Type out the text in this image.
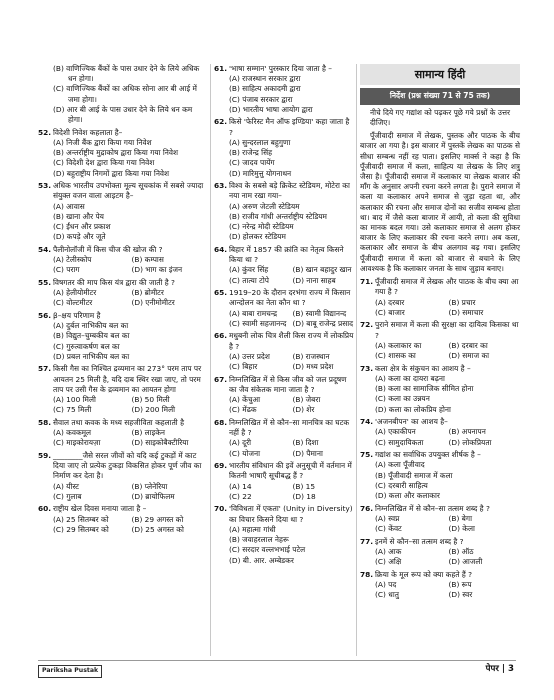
(B) वाणिज्यिक बैंकों के पास उधार देने के लिये अधिक धन होगा।
(C) वाणिज्यिक बैंकों का अधिक सोना आर बी आई में जमा होगा।
(D) आर बी आई के पास उधार देने के लिये धन कम होगा।
52. विदेशी निवेश कहलाता है–
(A) निजी बैंक द्वारा किया गया निवेश
(B) अन्तर्राष्ट्रीय मुद्राकोष द्वारा किया गया निवेश
(C) विदेशी देश द्वारा किया गया निवेश
(D) बहुराष्ट्रीय निगमों द्वारा किया गया निवेश
53. अधिक भारतीय उपभोक्ता मूल्य सूचकांक में सबसे ज्यादा संयुक्त वजन वाला आइटम है–
(A) आवास
(B) खाना और पेय
(C) ईंधन और प्रकाश
(D) कपड़े और जूते
54. पैलीनोलॉजी में किस चीज की खोज की ?
(A) टेलीस्कोप	(B) कम्पास
(C) पराग	(D) भाग का इंजन
55. विषगतर की माप किस यंत्र द्वारा की जाती है ?
(A) हेलीयोमीटर	(B) ब्रोमीटर
(C) वोल्टमीटर	(D) एनीमोमीटर
56. β–क्षय परिणाम है
(A) दुर्बल नाभिकीय बल का
(B) विद्युत–चुम्बकीय बल का
(C) गुरुत्वाकर्षण बल का
(D) प्रबल नाभिकीय बल का
57. किसी गैस का निश्चित द्रव्यमान का 273° परम ताप पर आयतन 25 मिली है, यदि दाब स्थिर रखा जाए, तो परम ताप पर उसी गैस के द्रव्यमान का आयतन होगा
(A) 100 मिली	(B) 50 मिली
(C) 75 मिली	(D) 200 मिली
58. सैवाल तथा कवक के मध्य सहजीविता कहलाती है
(A) कवकमूल	(B) लाइकेन
(C) माइकोरायज़ा	(D) साइकोबैक्टीरिया
59. ________जैसे सरल जीवों को यदि कई टुकड़ों में काट दिया जाए तो प्रत्येक टुकड़ा विकसित होकर पूर्ण जीव का निर्माण कर देता है।
(A) यीस्ट	(B) प्लेनेरिया
(C) गुलाब	(D) ब्रायोफिलम
60. राष्ट्रीय खेल दिवस मनाया जाता है –
(A) 25 सितम्बर को	(B) 29 अगस्त को
(C) 29 सितम्बर को	(D) 25 अगस्त को
61. 'भाषा सम्मान' पुरस्कार दिया जाता है –
(A) राजस्थान सरकार द्वारा
(B) साहित्य अकादमी द्वारा
(C) पंजाब सरकार द्वारा
(D) भारतीय भाषा आयोग द्वारा
62. किसे 'फेरिस्ट मैन ऑफ इण्डिया' कहा जाता है ?
(A) सुन्दरलाल बहुगुणा
(B) राजेन्द्र सिंह
(C) जादव पायेंग
(D) मारिमुत्तु योगनाथन
63. विश्व के सबसे बड़े क्रिकेट स्टेडियम, मोटेरा का नया नाम रखा गया–
(A) अरुण जेटली स्टेडियम
(B) राजीव गांधी अन्तर्राष्ट्रीय स्टेडियम
(C) नरेन्द्र मोदी स्टेडियम
(D) होलकर स्टेडियम
64. बिहार में 1857 की क्रांति का नेतृत्व किसने किया था ?
(A) कुंवर सिंह	(B) खान बहादुर खान
(C) तात्या टोपे	(D) नाना साहब
65. 1919–20 के दौरान दरभंगा राज्य में किसान आन्दोलन का नेता कौन था ?
(A) बाबा रामचन्द्र	(B) स्वामी विद्यानन्द
(C) स्वामी सहजानन्द (D) बाबू राजेन्द्र प्रसाद
66. मधुबनी लोक चित्र शैली किस राज्य में लोकप्रिय है ?
(A) उत्तर प्रदेश	(B) राजस्थान
(C) बिहार	(D) मध्य प्रदेश
67. निम्नलिखित में से किस जीव को जल प्रदूषण का जैव संकेतक माना जाता है ?
(A) केंचुआ	(B) जेबरा
(C) मेंढक	(D) शेर
68. निम्नलिखित में से कौन–सा मानचित्र का घटक नहीं है ?
(A) दूरी	(B) दिशा
(C) योजना	(D) पैमाना
69. भारतीय संविधान की इवें अनुसूची में वर्तमान में कितनी भाषाएँ सूचीबद्ध हैं ?
(A) 14	(B) 15
(C) 22	(D) 18
70. 'विविधता में एकता' (Unity in Diversity) का विचार किसने दिया था ?
(A) महात्मा गांधी
(B) जवाहरलाल नेहरू
(C) सरदार वल्लभभाई पटेल
(D) बी. आर. अम्बेडकर
सामान्य हिंदी
निर्देश (प्रश्न संख्या 71 से 75 तक)
नीचे दिये गए गद्यांश को पढ़कर पूछे गये प्रश्नों के उत्तर दीजिए।
पूँजीवादी समाज में लेखक, पुस्तक और पाठक के बीच बाजार आ गया है। इस बाजार में पुस्तकें लेखक का पाठक से सीधा सम्बन्ध नहीं रह पाता। इसलिए मार्क्स ने कहा है कि पूँजीवादी समाज में कला, साहित्य या लेखक के लिए शत्रु जैसा है। पूँजीवादी समाज में कलाकार या लेखक बाजार की माँग के अनुसार अपनी रचना करने लगता है। पुराने समाज में कला या कलाकार अपने समाज से जुड़ा रहता था, और कलाकार की रचना और समाज दोनों का सजीव सम्बन्ध होता था। बाद में जैसे कला बाजार में आयी, तो कला की सुविधा का मानक बदल गया। उसे कलाकार समाज से अलग होकर बाजार के लिए कलाकार की रचना करने लगा। अब कला, कलाकार और समाज के बीच अलगाव बढ़ गया। इसलिए पूँजीवादी समाज में कला को बाजार से बचाने के लिए आवश्यक है कि कलाकार जनता के साथ जुड़ाव बनाए।
71. पूँजीवादी समाज में लेखक और पाठक के बीच क्या आ गया है ?
(A) दरबार	(B) प्रचार
(C) बाजार	(D) समाचार
72. पुराने समाज में कला की सुरक्षा का दायित्व किसका था ?
(A) कलाकार का	(B) दरबार का
(C) शासक का	(D) समाज का
73. कला क्षेत्र के संकुचन का आशय है –
(A) कला का दायरा बढ़ना
(B) कला का सामाजिक सीमित होना
(C) कला का उन्नयन
(D) कला का लोकप्रिय होना
74. 'अजनबीपन' का आशय है–
(A) एकाकीपन	(B) अपनापन
(C) सामुदायिकता	(D) लोकप्रियता
75. गद्यांश का सर्वाधिक उपयुक्त शीर्षक है –
(A) कला पूँजीवाद
(B) पूँजीवादी समाज में कला
(C) दरबारी साहित्य
(D) कला और कलाकार
76. निम्नलिखित में से कौन–सा तत्सम शब्द है ?
(A) स्वप्न	(B) बेगा
(C) केंवट	(D) केला
77. इनमें से कौन–सा तत्सम शब्द है ?
(A) आक	(B) ऑठ
(C) अक्षि	(D) आजली
78. क्रिया के मूल रूप को क्या कहते हैं ?
(A) पद	(B) रूप
(C) धातु	(D) स्वर
Pariksha Pustak	पेपर | 3
